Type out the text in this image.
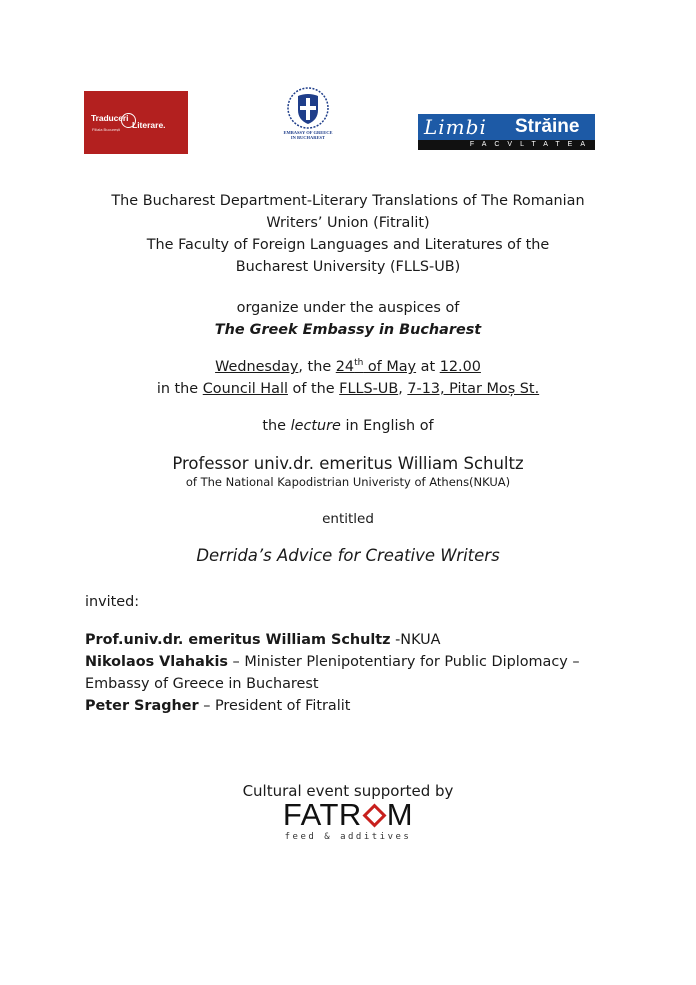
Traduceri
Literare.
Filiala București
EMBASSY OF GREECE
IN BUCHAREST	Limbi Străine
FACVLTATEA
The Bucharest Department-Literary Translations of The Romanian
Writers’ Union (Fitralit)
The Faculty of Foreign Languages and Literatures of the
Bucharest University (FLLS-UB)
organize under the auspices of
The Greek Embassy in Bucharest
Wednesday, the 24th of May at 12.00
in the Council Hall of the FLLS-UB, 7-13, Pitar Moș St.
the lecture in English of
Professor univ.dr. emeritus William Schultz
of The National Kapodistrian Univeristy of Athens(NKUA)
entitled
Derrida’s Advice for Creative Writers
invited:
Prof.univ.dr. emeritus William Schultz -NKUA
Nikolaos Vlahakis – Minister Plenipotentiary for Public Diplomacy –
Embassy of Greece in Bucharest
Peter Sragher – President of Fitralit
Cultural event supported by
FATR M
feed & additives
